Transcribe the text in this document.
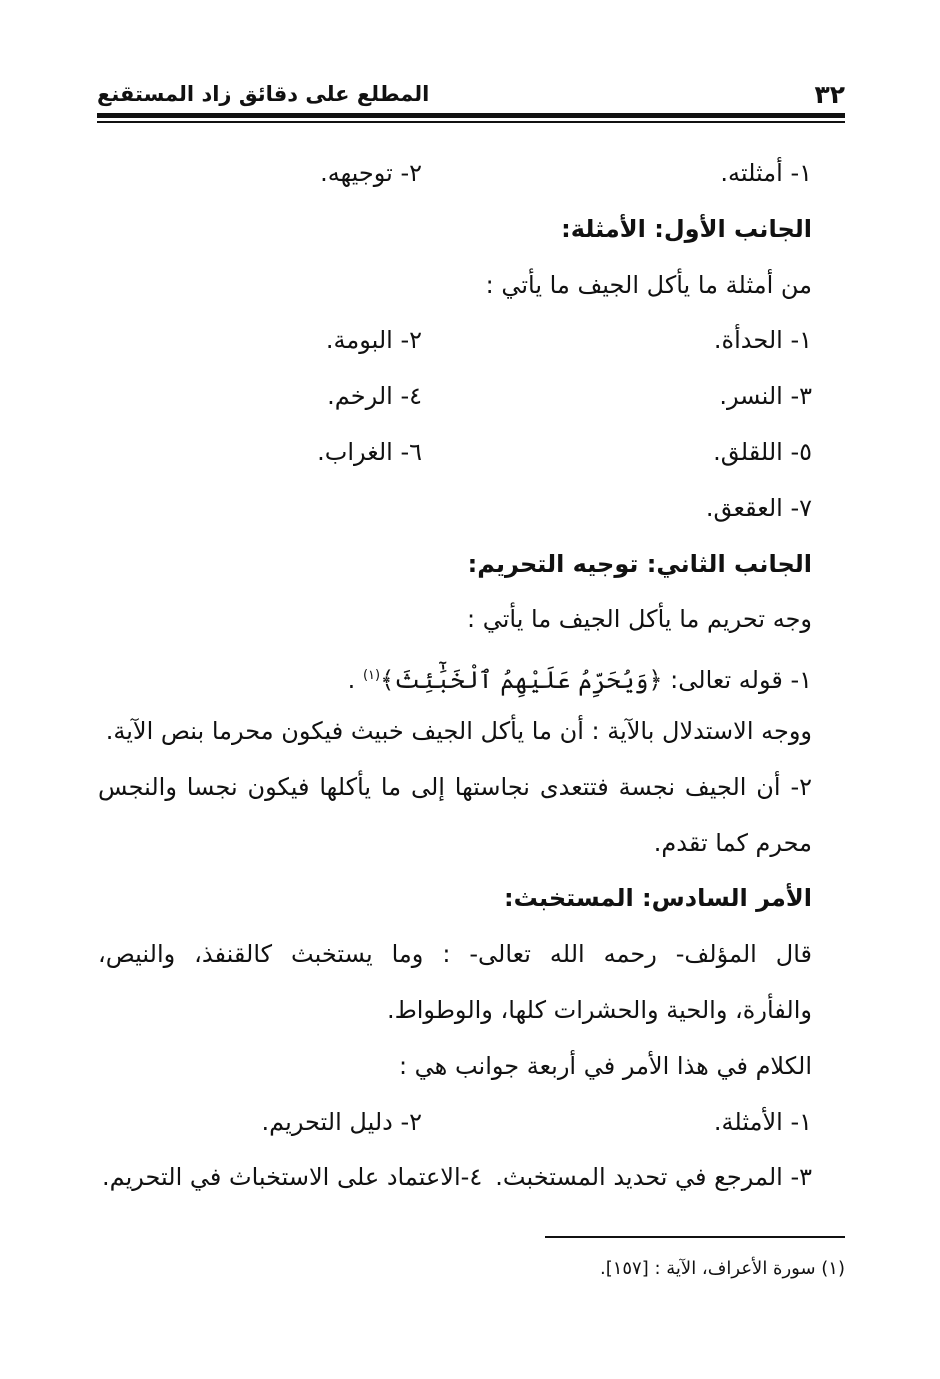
٣٢
المطلع على دقائق زاد المستقنع
١- أمثلته.
٢- توجيهه.
الجانب الأول: الأمثلة:
من أمثلة ما يأكل الجيف ما يأتي :
١- الحدأة.
٢- البومة.
٣- النسر.
٤- الرخم.
٥- اللقلق.
٦- الغراب.
٧- العقعق.
الجانب الثاني: توجيه التحريم:
وجه تحريم ما يأكل الجيف ما يأتي :
١- قوله تعالى: ﴿وَيُحَرِّمُ عَلَيْهِمُ ٱلْخَبَٰٓئِثَ﴾$^{(١)}$ .
ووجه الاستدلال بالآية : أن ما يأكل الجيف خبيث فيكون محرما بنص الآية.
٢- أن الجيف نجسة فتتعدى نجاستها إلى ما يأكلها فيكون نجسا والنجس
محرم كما تقدم.
الأمر السادس: المستخبث:
قال المؤلف- رحمه الله تعالى- : وما يستخبث كالقنفذ، والنيص،
والفأرة، والحية والحشرات كلها، والوطواط.
الكلام في هذا الأمر في أربعة جوانب هي :
١- الأمثلة.
٢- دليل التحريم.
٣- المرجع في تحديد المستخبث.
٤-الاعتماد على الاستخباث في التحريم.
(١) سورة الأعراف، الآية : [١٥٧].
